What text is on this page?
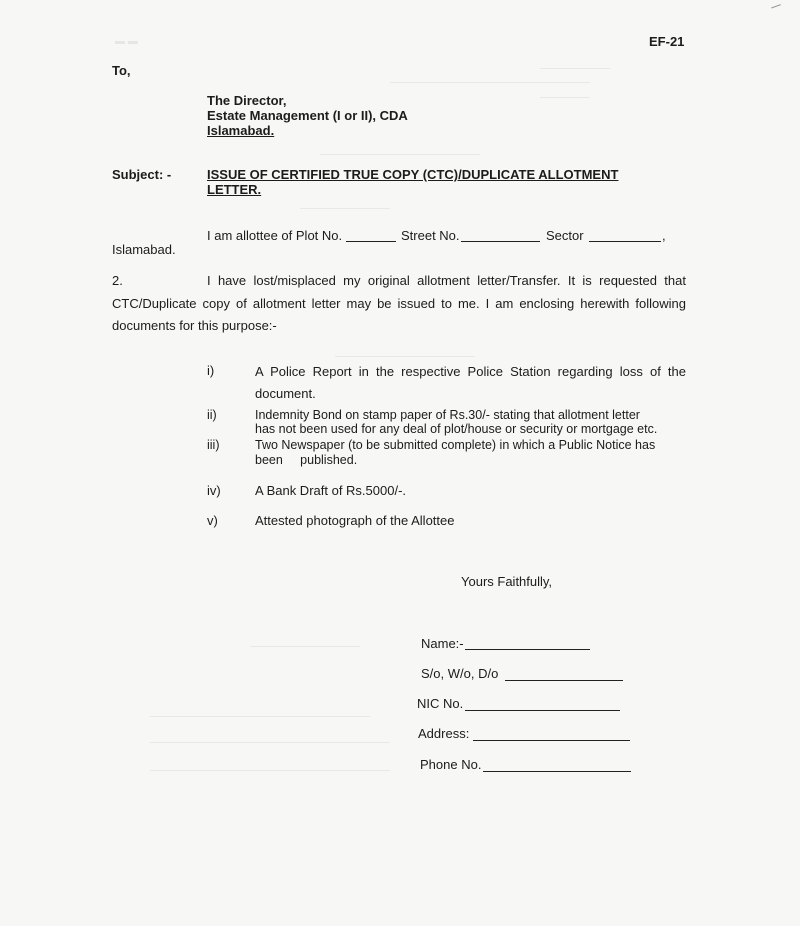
▬ ▬	EF-21
To,
The Director,
Estate Management (I or II), CDA
Islamabad.
Subject: -	ISSUE OF CERTIFIED TRUE COPY (CTC)/DUPLICATE ALLOTMENT
LETTER.
I am allottee of Plot No.	Street No.	Sector	,
Islamabad.
2.	I have lost/misplaced my original allotment letter/Transfer. It is requested that
CTC/Duplicate copy of allotment letter may be issued to me. I am enclosing herewith following
documents for this purpose:-
i)	A Police Report in the respective Police Station regarding loss of the
document.
ii)	Indemnity Bond on stamp paper of Rs.30/- stating that allotment letter
has not been used for any deal of plot/house or security or mortgage etc.
iii)	Two Newspaper (to be submitted complete) in which a Public Notice has
been     published.
iv)	A Bank Draft of Rs.5000/-.
v)	Attested photograph of the Allottee
Yours Faithfully,
Name:-
S/o, W/o, D/o
NIC No.
Address:
Phone No.
